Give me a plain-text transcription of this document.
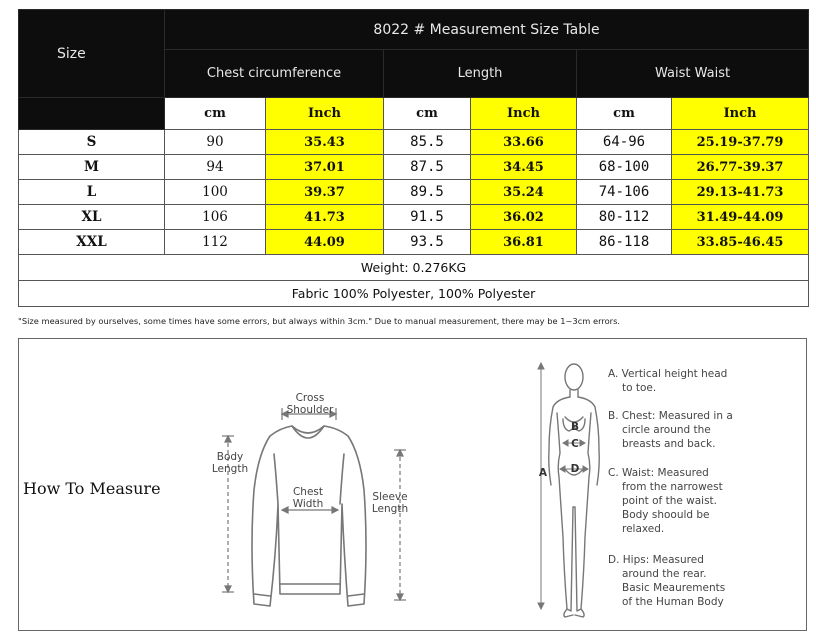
Size	8022 # Measurement Size Table					
	Chest circumference		Length		Waist Waist	
	cm	Inch	cm	Inch	cm	Inch
S	90	35.43	85.5	33.66	64-96	25.19-37.79
M	94	37.01	87.5	34.45	68-100	26.77-39.37
L	100	39.37	89.5	35.24	74-106	29.13-41.73
XL	106	41.73	91.5	36.02	80-112	31.49-44.09
XXL	112	44.09	93.5	36.81	86-118	33.85-46.45
Weight: 0.276KG						
Fabric 100% Polyester, 100% Polyester						
"Size measured by ourselves, some times have some errors, but always within 3cm." Due to manual measurement, there may be 1~3cm errors.
How To Measure
Cross
Shoulder
Body
Length
Chest
Width
Sleeve
Length
A
B
C
D
A. Vertical height head
to toe.
B. Chest: Measured in a
circle around the
breasts and back.
C. Waist: Measured
from the narrowest
point of the waist.
Body shoould be
relaxed.
D. Hips: Measured
around the rear.
Basic Meaurements
of the Human Body
